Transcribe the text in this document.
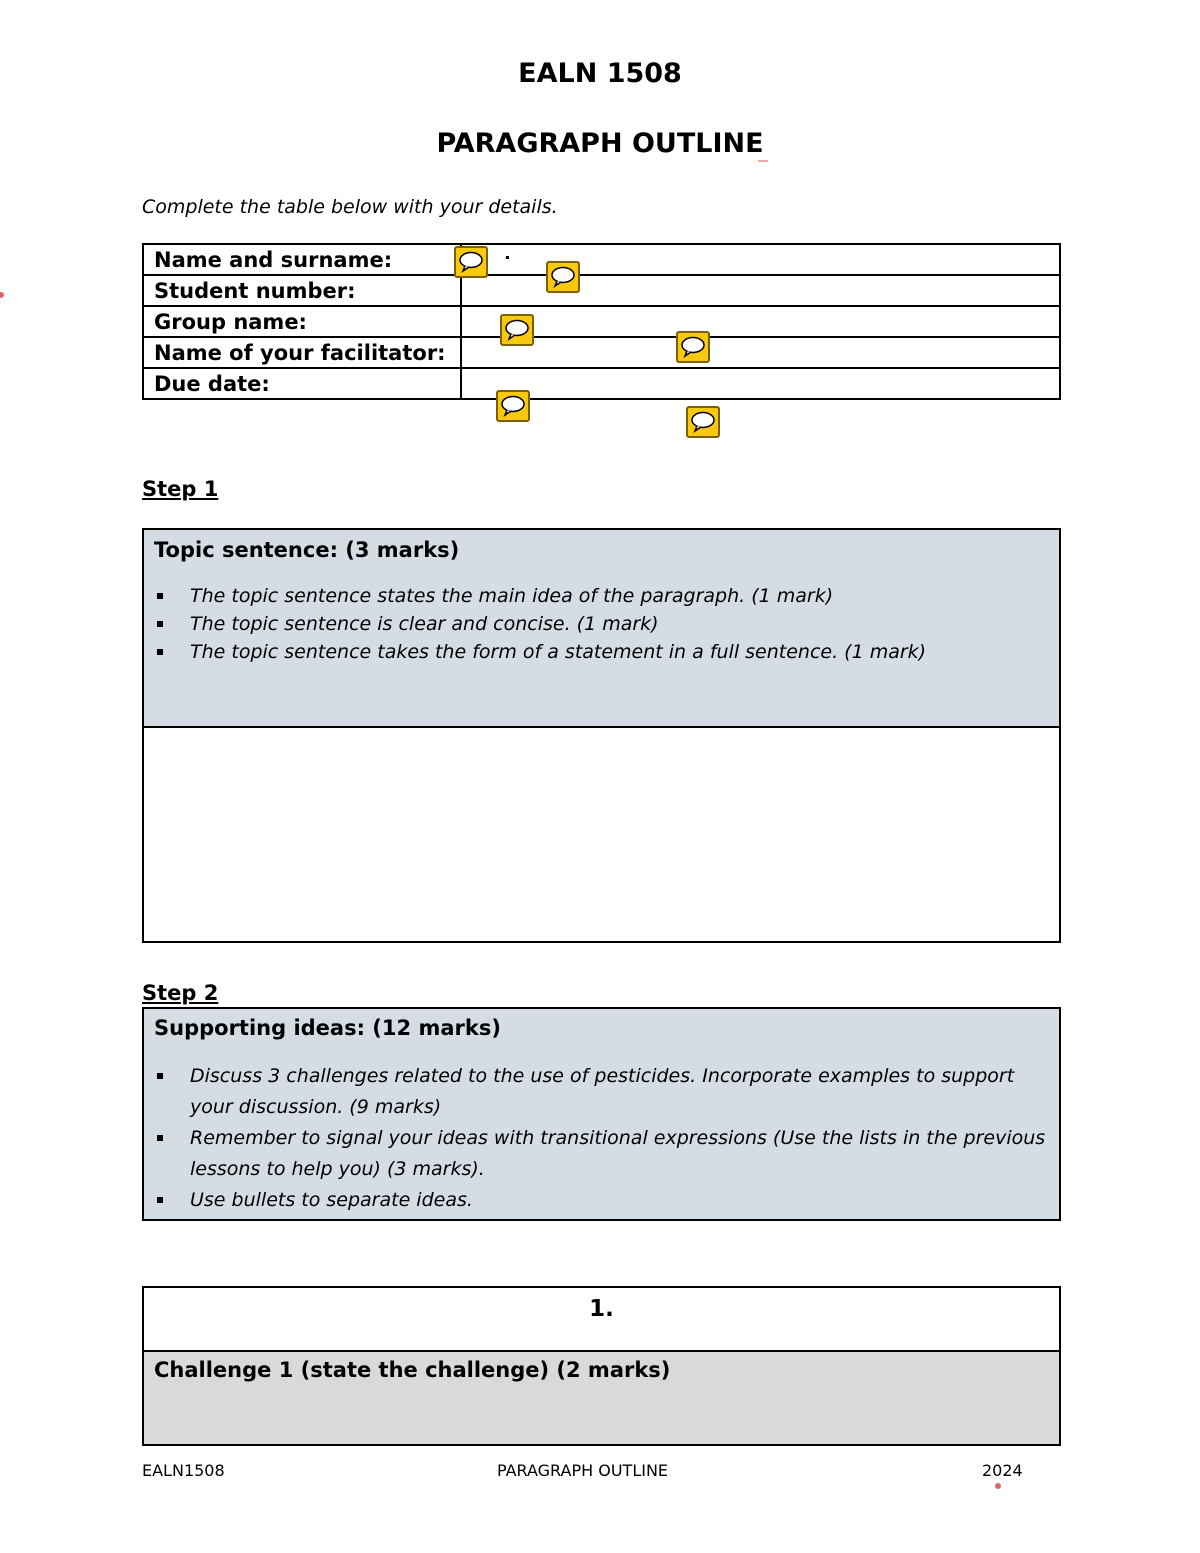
EALN 1508
PARAGRAPH OUTLINE
Complete the table below with your details.
Name and surname:	
Student number:	
Group name:	
Name of your facilitator:	
Due date:	
Step 1
Topic sentence: (3 marks)
The topic sentence states the main idea of the paragraph. (1 mark)
The topic sentence is clear and concise. (1 mark)
The topic sentence takes the form of a statement in a full sentence. (1 mark)
Step 2
Supporting ideas: (12 marks)
Discuss 3 challenges related to the use of pesticides. Incorporate examples to support your discussion. (9 marks)
Remember to signal your ideas with transitional expressions (Use the lists in the previous lessons to help you) (3 marks).
Use bullets to separate ideas.
1.
Challenge 1 (state the challenge) (2 marks)
EALN1508	PARAGRAPH OUTLINE	2024
